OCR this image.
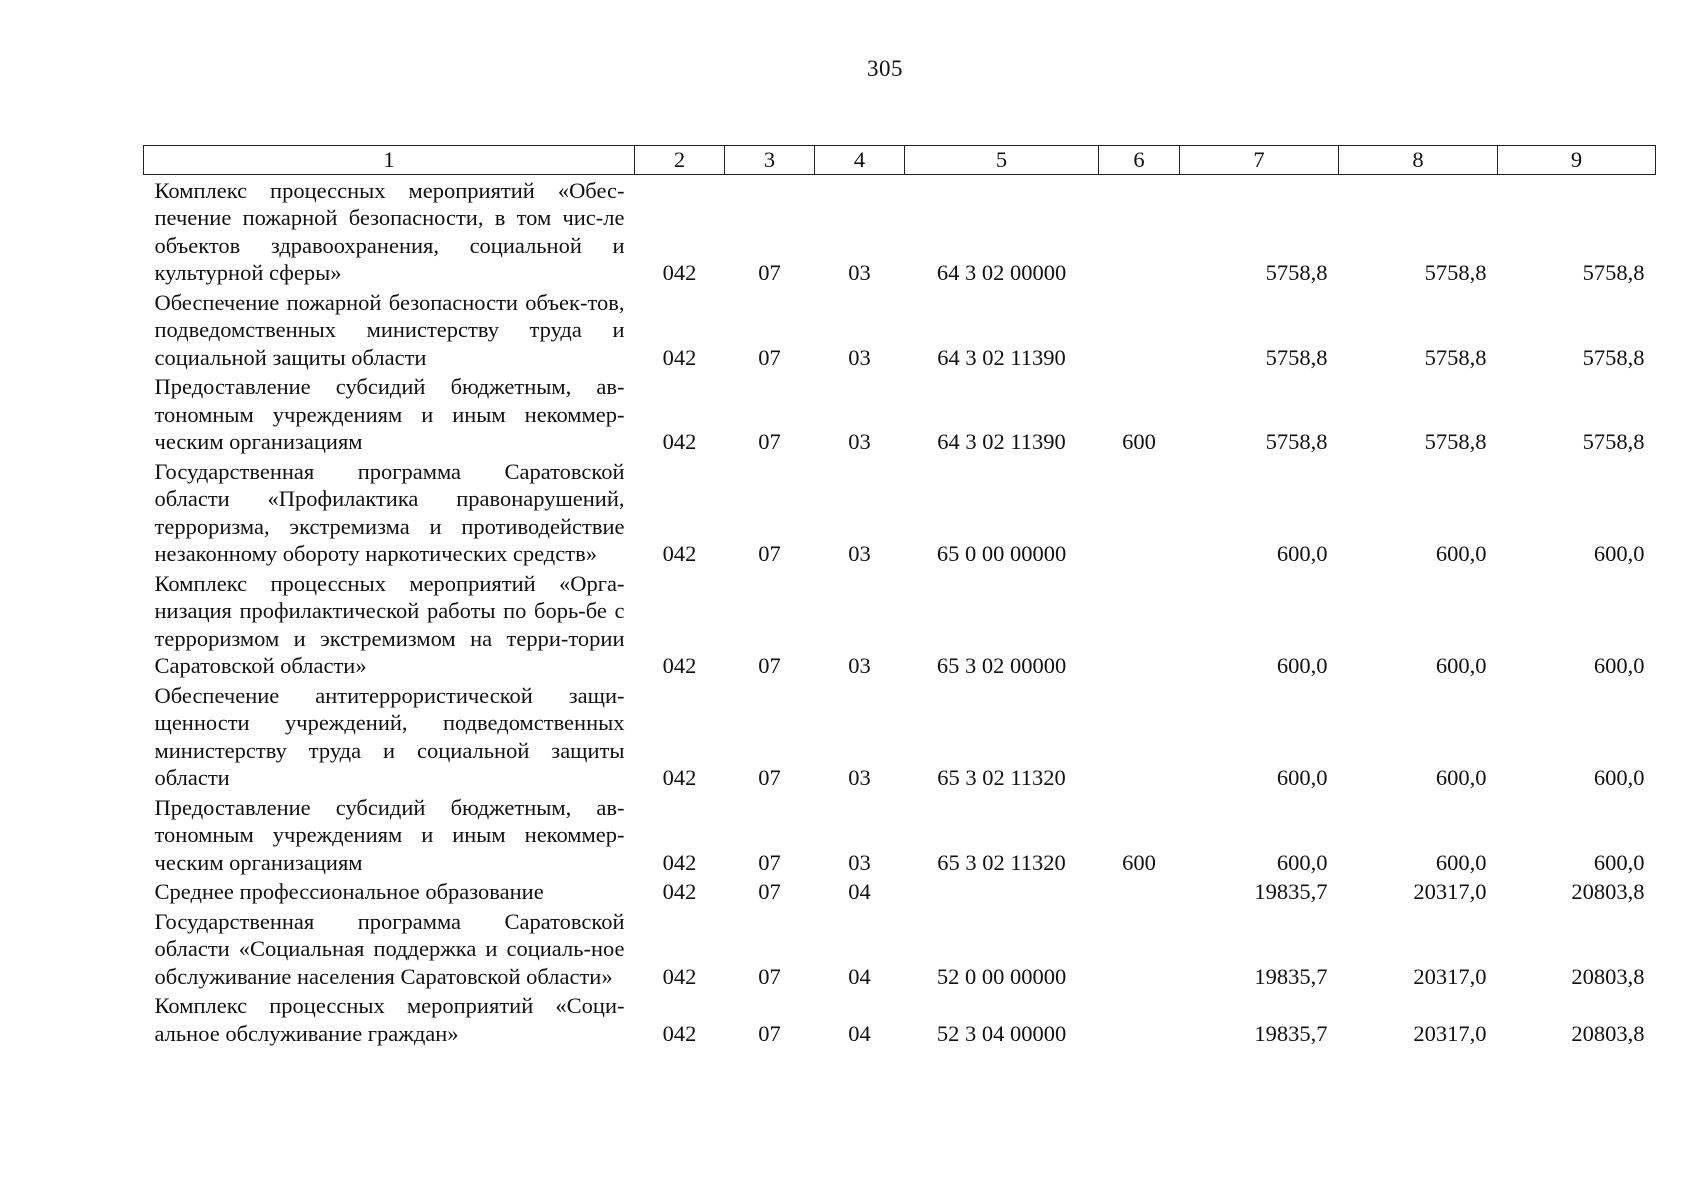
305
1	2	3	4	5	6	7	8	9
Комплекс процессных мероприятий «Обес-печение пожарной безопасности, в том чис-ле объектов здравоохранения, социальной и культурной сферы»	042	07	03	64 3 02 00000		5758,8	5758,8	5758,8
Обеспечение пожарной безопасности объек-тов, подведомственных министерству труда и социальной защиты области	042	07	03	64 3 02 11390		5758,8	5758,8	5758,8
Предоставление субсидий бюджетным, ав-тономным учреждениям и иным некоммер-ческим организациям	042	07	03	64 3 02 11390	600	5758,8	5758,8	5758,8
Государственная программа Саратовской области «Профилактика правонарушений, терроризма, экстремизма и противодействие незаконному обороту наркотических средств»	042	07	03	65 0 00 00000		600,0	600,0	600,0
Комплекс процессных мероприятий «Орга-низация профилактической работы по борь-бе с терроризмом и экстремизмом на терри-тории Саратовской области»	042	07	03	65 3 02 00000		600,0	600,0	600,0
Обеспечение антитеррористической защи-щенности учреждений, подведомственных министерству труда и социальной защиты области	042	07	03	65 3 02 11320		600,0	600,0	600,0
Предоставление субсидий бюджетным, ав-тономным учреждениям и иным некоммер-ческим организациям	042	07	03	65 3 02 11320	600	600,0	600,0	600,0
Среднее профессиональное образование	042	07	04			19835,7	20317,0	20803,8
Государственная программа Саратовской области «Социальная поддержка и социаль-ное обслуживание населения Саратовской области»	042	07	04	52 0 00 00000		19835,7	20317,0	20803,8
Комплекс процессных мероприятий «Соци-альное обслуживание граждан»	042	07	04	52 3 04 00000		19835,7	20317,0	20803,8
